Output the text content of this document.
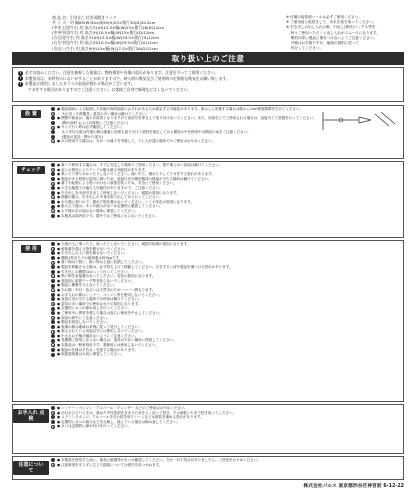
商 品 名：引き出し付き両開きラック
サ イ ズ：約 幅85(W)30×高95(H)25×奥行30(D)20.5cm
(中央上段内寸) 約 高さ31(H)13.5×幅(W)23×奥行26(D)12cm
(中央中段内寸) 約 高さ(H)10.5×幅(W)23×奥行(D)12cm
(右左段内寸) 約 高さ31(H)13.5×幅(W)29.5×奥行(D)12cm
(右左中段内寸) 約 高さ(H)10.5×幅(W)29.5×奥行(D)12cm
(引出し内寸) 約 高さ9(H)14×幅(W)17.5×奥行26(D)12cm
※ 付属の接着剤シールは必ずご使用ください。
※ ご使用前に乾拭きして、汚れを拭き取ってください。
※ 引き出しの出し入れの際、引出し(棒状)ワックス等を
　 時々ご使用いただくと出し入れがスムーズになります。
　 開封の際に製品に傷をつけないようご注意ください。
　 外箱はお手数ですが、地域の規則に従って
　 処分してください。
取り扱い上のご注意
! 必ずお読みください。注意を無視した取扱は、物的損害や負傷の恐れがあります。注意を守ってご使用ください。
! 木製家具は、木特有のにおいがすることがありますので、納入時の換気及びご使用時の定期的な換気をお願い致します。
! 本製品に使用しましたガラスの表面が割れる場合がございます。
ケガをする場合がありますのでご注意ください。お客様ご自身で修理などはしないでください。
設 置
● 製品傾向による転倒した状態や物的損害のおそれがあるため固定する可能性があります。壁はしに設置する場合は壁から1cm程度隙間を空けてください。
・ 火の近くや熱器具、温気の多い場所は避けてください。
● 開閉や商品は、落下の原因となりますので前部分を押さえて取り付けないでください。また、前部などでご使用される場合は、直接当てて設置を行ってください。
　 (開の部材 およびの保管にご注意ください)
● キリで行く時は必ず確認してください。
　 ネジを切る際は作業の際は慎重に何度も振り分けて部材を固定してから開放の中を使用中は開店の前をご注意ください。
　 (製品の部品・開けた部分)
● 次の使用する場合は、万が一の落下を考慮して、下に人が通る場所でのご使用はおやめください。
チェック
● 重いで使用する場合は、すでに安定した場所でご使用ください。畳や柔らかい床面は避けてください。
● 床との相性によりテーブル類は滑る可能性があります。
● 乗ったり寄りかかったりしないでください。傾いたり、倒れたりしてケガをする恐れがあります。
● 製品がある程度の湿気に弱いため、直射日光や暖房器具の熱風が当たる場所は避けてください。
● 落下や転倒による思いがけない被害を防ぐため、安全にご使用ください。
● 大きな地震では落ちる可能性がありますので、ご注意ください。
● 引き出しを全部引き出して使用しないでください。破損の原因になります。
● 移動の際は、引き出しの中身を取り出してから行ってください。
● 水や熱に弱いので、濡れた物を置かないでください。シミや変色の原因になります。
● 組み立て後は、ネジの緩みがないか定期的に確認してください。
● お子様の手の届かない場所に保管してください。
● 本製品は屋内用です。屋外ではご使用にならないでください。
使 用
● 天板の上に乗ったり、座ったりしないでください。破損や転倒の原因になります。
● 耐荷重を超える物を載せないでください。
● 引き出しの上に物を載せないでください。
● 棚板1枚あたりの耐荷重は約5kgです。
● 重い物は下段に、軽い物は上段に収納してください。
● 製品を移動させる際は、必ず持ち上げて移動してください。引きずると床や製品を傷つける恐れがあります。
● 引き出しの開閉はゆっくり行ってください。
● 熱い物を直接置かないでください。変色の原因になります。
● 塗装面に粘着テープ等を貼らないでください。
● 製品に衝撃を与えないでください。
● 木の節・木目・色合いは天然木のため一つ一つ異なります。
● お手入れの際はシンナー、ベンジン等を使用しないでください。
● 直射日光の当たる場所での使用は避けてください。
● 湿気の多い場所での使用はカビの原因になります。
● 定期的にネジの締め直しを行ってください。
● ご使用中に異常を感じた場合は直ちに使用を中止してください。
● 部品の紛失にご注意ください。
● 製品を改造しないでください。
● 廃棄の際は地域の条例に従って処分してください。
● 表示されている用途以外には使用しないでください。
● 小さなお子様が触れないようにご注意ください。
● 長期間ご使用にならない場合は、湿気の少ない場所に保管してください。
● 本製品は一般家庭用です。業務用には使用しないでください。
● 製品の仕様は予告なく変更する場合があります。
● 取扱説明書は大切に保管してください。
お手入れ 点 検
● シンナー・ベンジン・アルコール・クレンザー などのご使用はおやめください。
● 汚れがひどいときは、薄めた中性洗剤を含ませた布をよく絞って拭き、その後乾いた布で拭き取ってください。
● メラミンスポンジ、アルコールを含む拭き取りシートなどは塗装を傷める恐れがあります。
● 定期的にネジの緩みなどを点検し、緩んでいる場合は締め直してください。
● ネジは定期的に締め付けを行ってください。
注意について
● 本製品を使用する前に、部品に破損等がないか確認してください。万が一の不具合がありましたら、ご使用をおやめください。
● 注意事項を守らずに生じた損害については責任を負いかねます。
株式会社パルス 東京都渋谷区神宮前 6-12-22
